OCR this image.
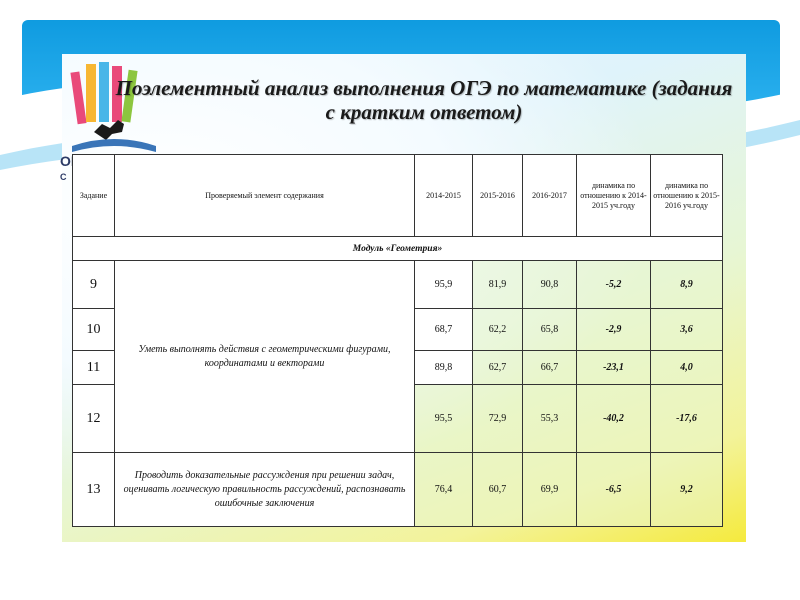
ОГ
С
Поэлементный анализ выполнения ОГЭ по математике (задания с кратким ответом)
Задание	Проверяемый элемент содержания	2014-2015	2015-2016	2016-2017	динамика по отношению к 2014-2015 уч.году	динамика по отношению к 2015-2016 уч.году
Модуль «Геометрия»						
9	Уметь выполнять действия с геометрическими фигурами, координатами и векторами	95,9	81,9	90,8	-5,2	8,9
10		68,7	62,2	65,8	-2,9	3,6
11		89,8	62,7	66,7	-23,1	4,0
12		95,5	72,9	55,3	-40,2	-17,6
13	Проводить доказательные рассуждения при решении задач, оценивать логическую правильность рассуждений, распознавать ошибочные заключения	76,4	60,7	69,9	-6,5	9,2
